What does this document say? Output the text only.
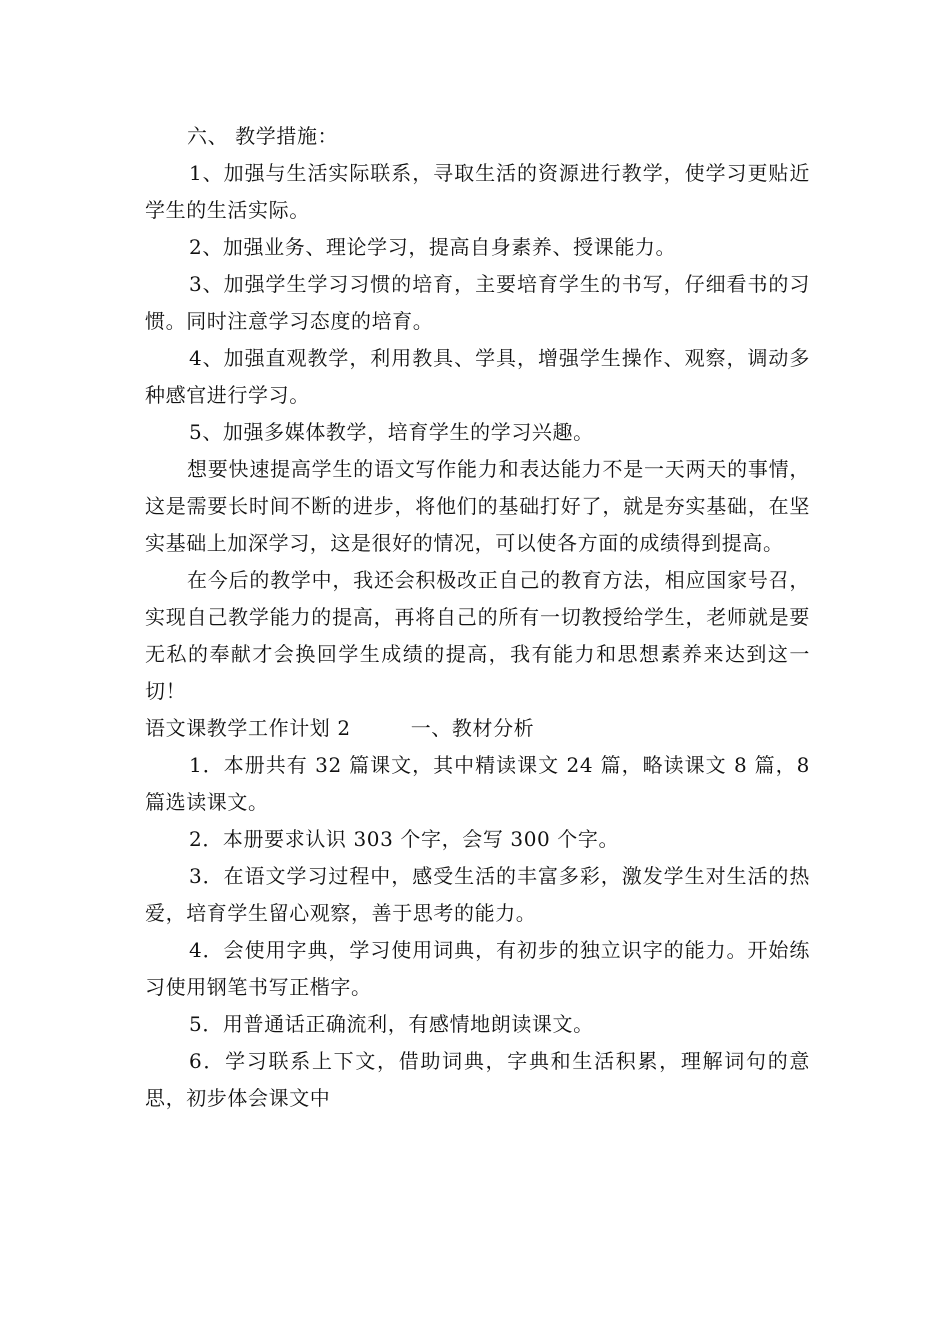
六、 教学措施：

1、加强与生活实际联系，寻取生活的资源进行教学，使学习更贴近学生的生活实际。

2、加强业务、理论学习，提高自身素养、授课能力。

3、加强学生学习习惯的培育，主要培育学生的书写，仔细看书的习惯。同时注意学习态度的培育。

4、加强直观教学，利用教具、学具，增强学生操作、观察，调动多种感官进行学习。

5、加强多媒体教学，培育学生的学习兴趣。

想要快速提高学生的语文写作能力和表达能力不是一天两天的事情，这是需要长时间不断的进步，将他们的基础打好了，就是夯实基础，在坚实基础上加深学习，这是很好的情况，可以使各方面的成绩得到提高。

在今后的教学中，我还会积极改正自己的教育方法，相应国家号召，实现自己教学能力的提高，再将自己的所有一切教授给学生，老师就是要无私的奉献才会换回学生成绩的提高，我有能力和思想素养来达到这一切！

语文课教学工作计划 2	一、教材分析

1．本册共有 32 篇课文，其中精读课文 24 篇，略读课文 8 篇，8 篇选读课文。

2．本册要求认识 303 个字，会写 300 个字。

3．在语文学习过程中，感受生活的丰富多彩，激发学生对生活的热爱，培育学生留心观察，善于思考的能力。

4．会使用字典，学习使用词典，有初步的独立识字的能力。开始练习使用钢笔书写正楷字。

5．用普通话正确流利，有感情地朗读课文。

6．学习联系上下文，借助词典，字典和生活积累，理解词句的意思，初步体会课文中
